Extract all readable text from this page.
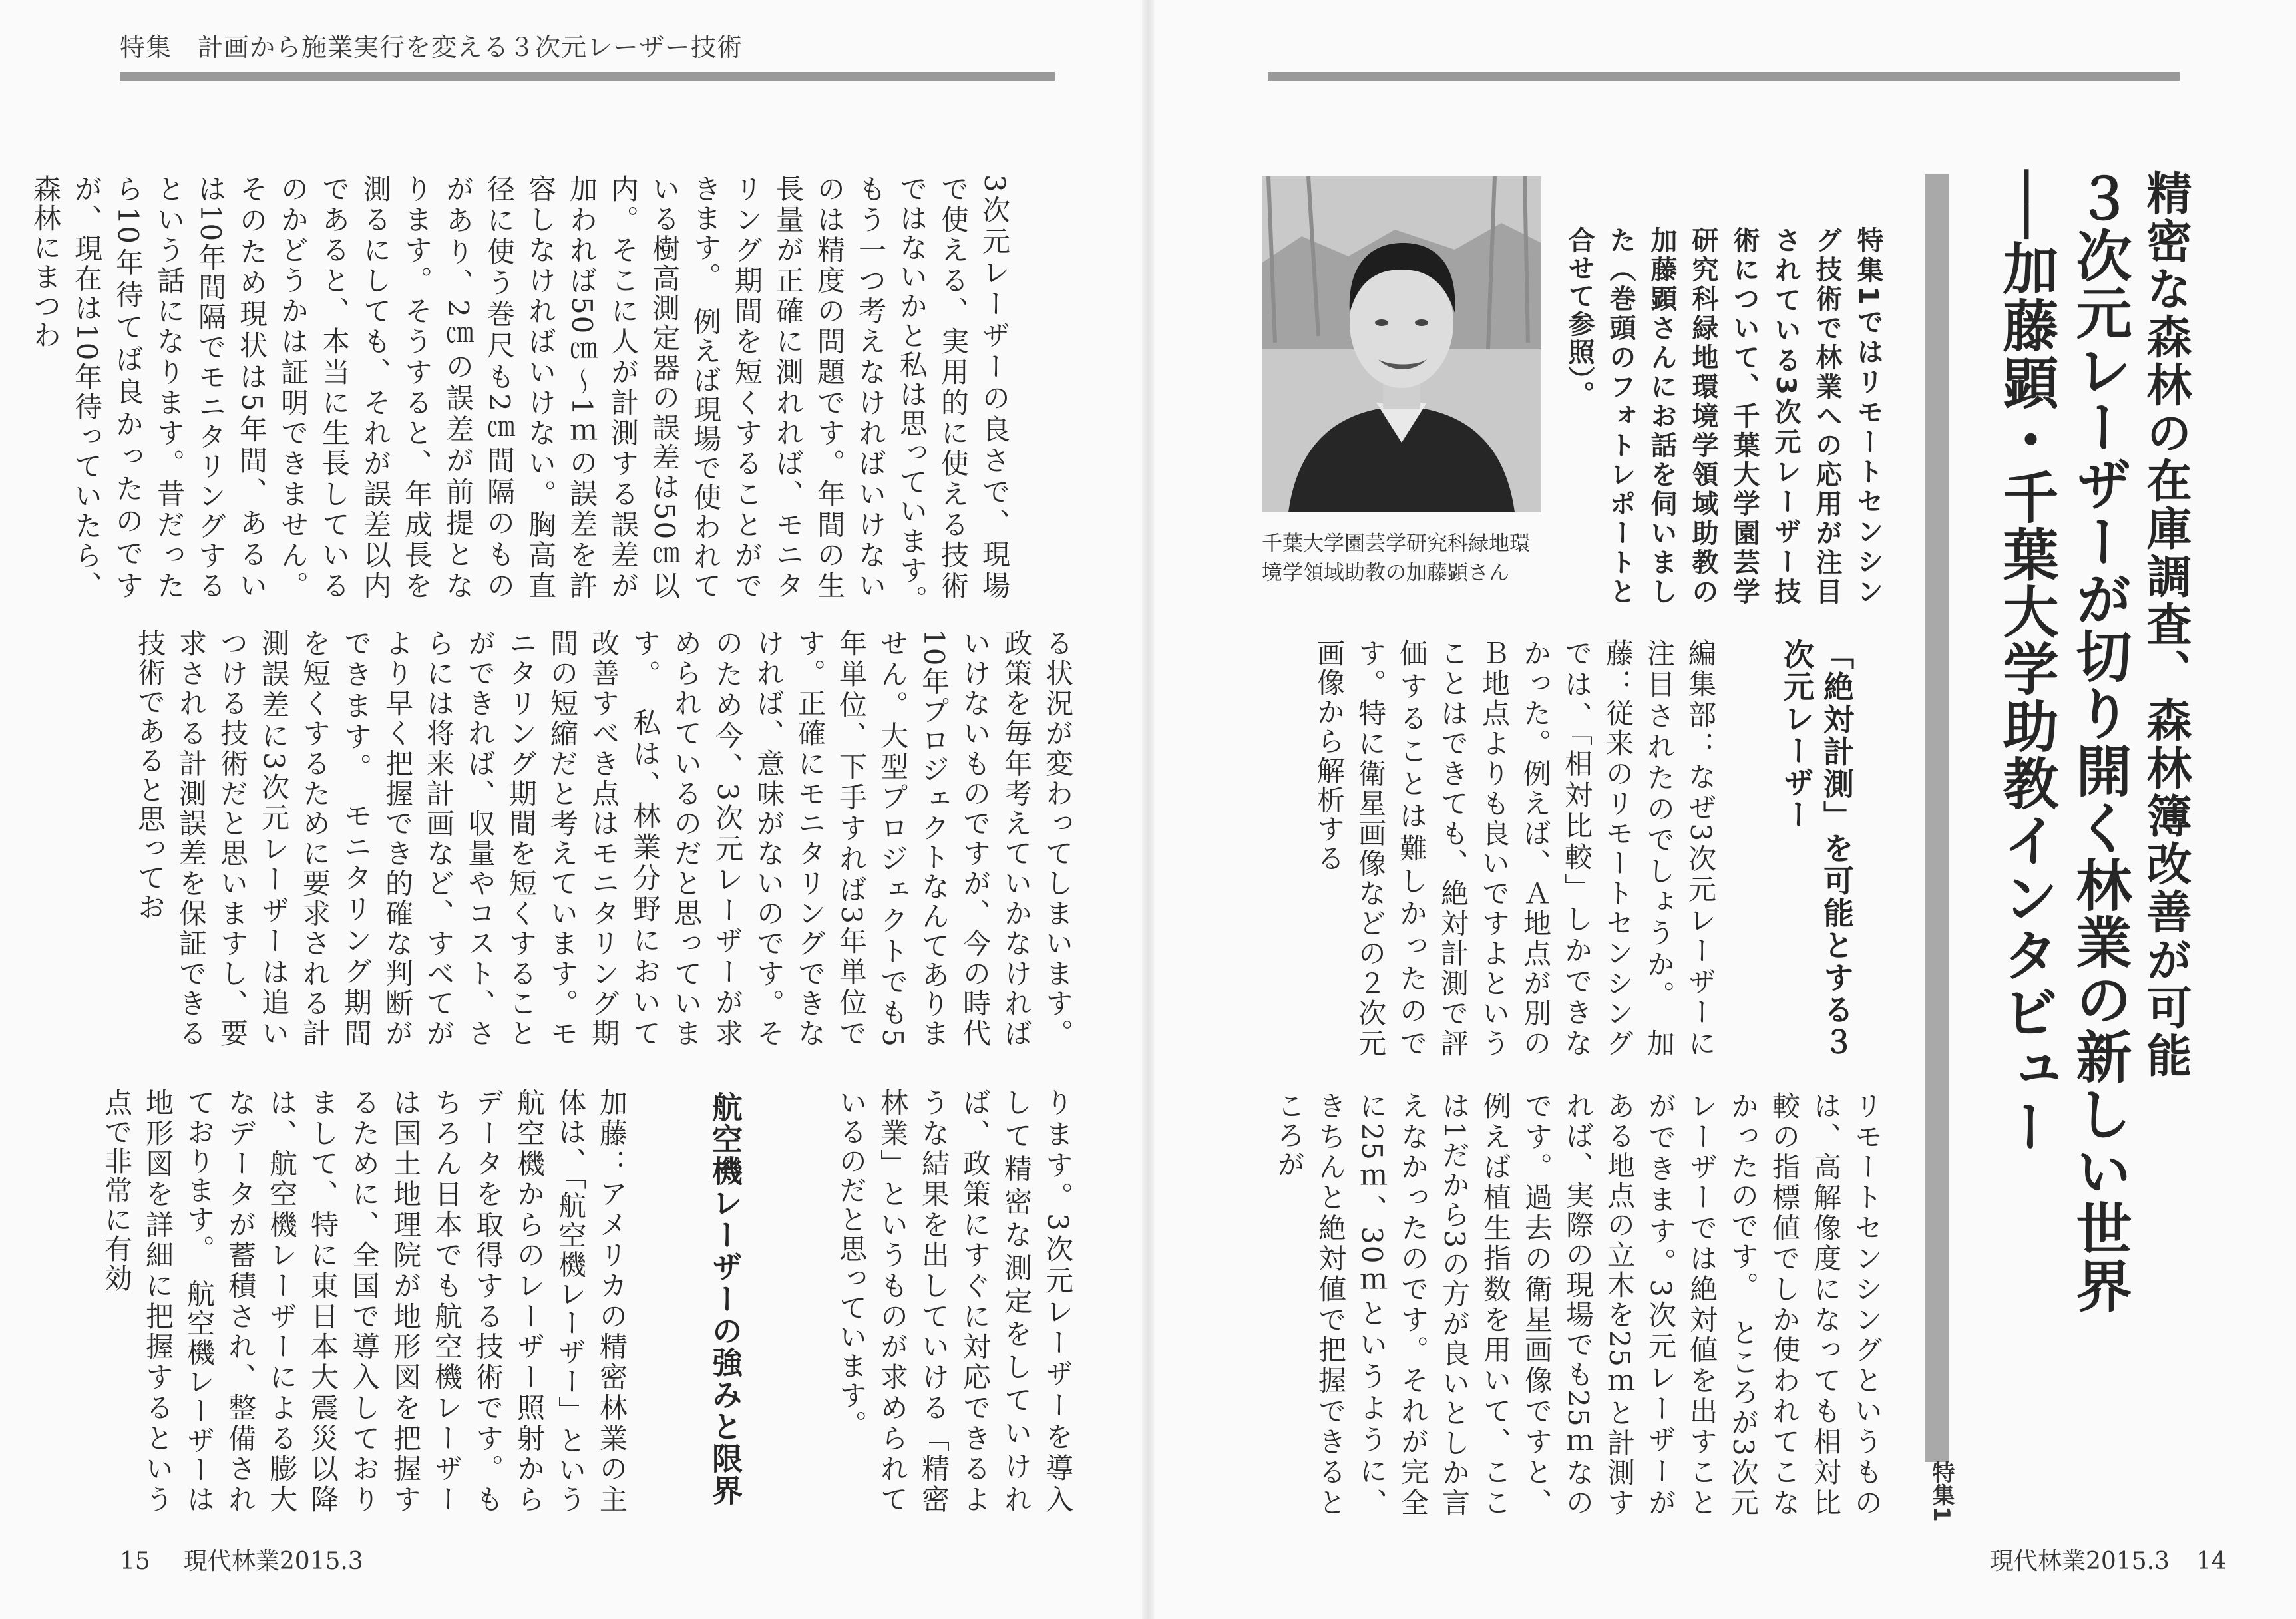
特集　計画から施業実行を変える３次元レーザー技術
3次元レーザーの良さで、現場で使える、実用的に使える技術ではないかと私は思っています。　もう一つ考えなければいけないのは精度の問題です。年間の生長量が正確に測れれば、モニタリング期間を短くすることができます。　例えば現場で使われている樹高測定器の誤差は50㎝以内。そこに人が計測する誤差が加われば50㎝〜1ｍの誤差を許容しなければいけない。胸高直径に使う巻尺も2㎝間隔のものがあり、2㎝の誤差が前提となります。そうすると、年成長を測るにしても、それが誤差以内であると、本当に生長しているのかどうかは証明できません。そのため現状は5年間、あるいは10年間隔でモニタリングするという話になります。昔だったら10年待てば良かったのですが、現在は10年待っていたら、森林にまつわ
る状況が変わってしまいます。政策を毎年考えていかなければいけないものですが、今の時代10年プロジェクトなんてありません。大型プロジェクトでも5年単位、下手すれば3年単位です。正確にモニタリングできなければ、意味がないのです。そのため今、3次元レーザーが求められているのだと思っています。　私は、林業分野において改善すべき点はモニタリング期間の短縮だと考えています。モニタリング期間を短くすることができれば、収量やコスト、さらには将来計画など、すべてがより早く把握でき的確な判断ができます。　モニタリング期間を短くするために要求される計測誤差に3次元レーザーは追いつける技術だと思いますし、要求される計測誤差を保証できる技術であると思ってお
加藤：アメリカの精密林業の主体は、「航空機レーザー」という航空機からのレーザー照射からデータを取得する技術です。もちろん日本でも航空機レーザーは国土地理院が地形図を把握するために、全国で導入しておりまして、特に東日本大震災以降は、航空機レーザーによる膨大なデータが蓄積され、整備されております。　航空機レーザーは地形図を詳細に把握するという点で非常に有効	航空機レーザーの強みと限界	ります。3次元レーザーを導入して精密な測定をしていければ、政策にすぐに対応できるような結果を出していける「精密林業」というものが求められているのだと思っています。
15 現代林業2015.3
精密な森林の在庫調査、森林簿改善が可能
３次元レーザーが切り開く林業の新しい世界
──加藤顕・千葉大学助教インタビュー
特集1
特集1ではリモートセンシング技術で林業への応用が注目されている3次元レーザー技術について、千葉大学園芸学研究科緑地環境学領域助教の加藤顕さんにお話を伺いました（巻頭のフォトレポートと合せて参照）。
千葉大学園芸学研究科緑地環境学領域助教の加藤顕さん
「絶対計測」を可能とする３次元レーザー
編集部：なぜ3次元レーザーに注目されたのでしょうか。　加藤：従来のリモートセンシングでは、「相対比較」しかできなかった。例えば、Ａ地点が別のＢ地点よりも良いですよということはできても、絶対計測で評価することは難しかったのです。特に衛星画像などの２次元画像から解析する
リモートセンシングというものは、高解像度になっても相対比較の指標値でしか使われてこなかったのです。　ところが3次元レーザーでは絶対値を出すことができます。3次元レーザーがある地点の立木を25ｍと計測すれば、実際の現場でも25ｍなのです。過去の衛星画像ですと、例えば植生指数を用いて、ここは1だから3の方が良いとしか言えなかったのです。それが完全に25ｍ、30ｍというように、きちんと絶対値で把握できるところが
現代林業2015.3 14
